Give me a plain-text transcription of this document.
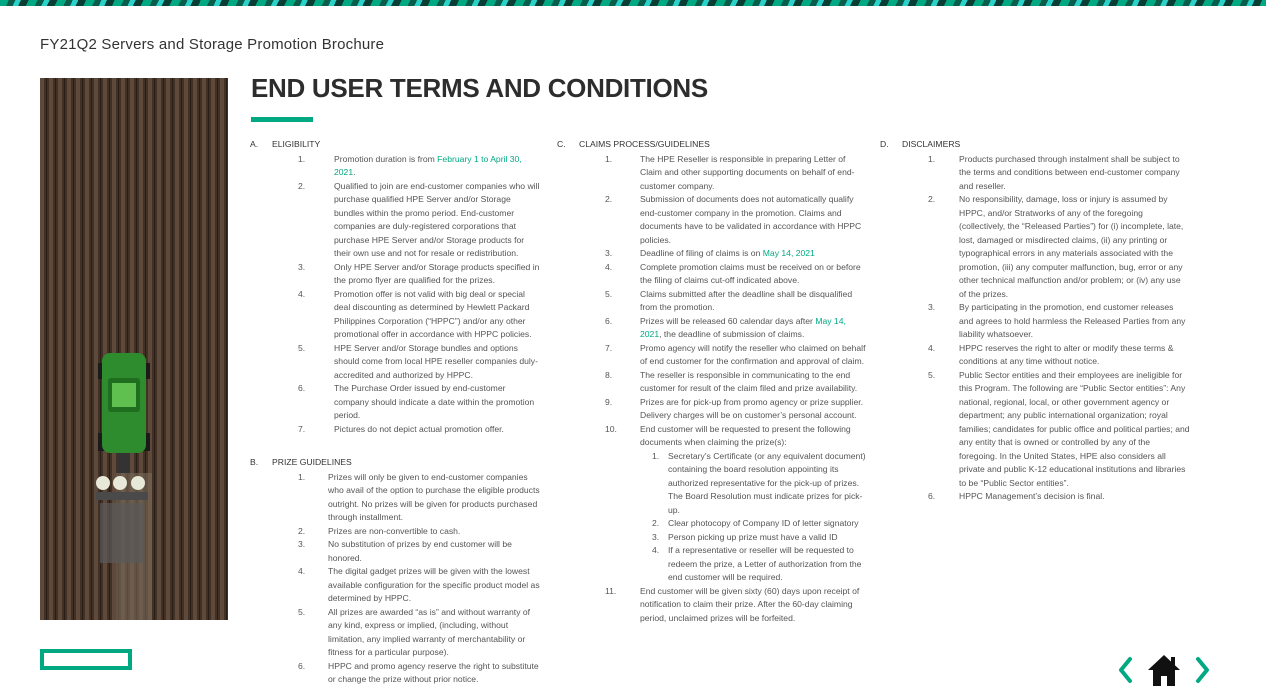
FY21Q2 Servers and Storage Promotion Brochure
END USER TERMS AND CONDITIONS
A.	ELIGIBILITY
1.	Promotion duration is from February 1 to April 30, 2021.
2.	Qualified to join are end-customer companies who will purchase qualified HPE Server and/or Storage bundles within the promo period. End-customer companies are duly-registered corporations that purchase HPE Server and/or Storage products for their own use and not for resale or redistribution.
3.	Only HPE Server and/or Storage products specified in the promo flyer are qualified for the prizes.
4.	Promotion offer is not valid with big deal or special deal discounting as determined by Hewlett Packard Philippines Corporation (“HPPC”) and/or any other promotional offer in accordance with HPPC policies.
5.	HPE Server and/or Storage bundles and options should come from local HPE reseller companies duly-accredited and authorized by HPPC.
6.	The Purchase Order issued by end-customer company should indicate a date within the promotion period.
7.	Pictures do not depict actual promotion offer.
B.	PRIZE GUIDELINES
1.	Prizes will only be given to end-customer companies who avail of the option to purchase the eligible products outright. No prizes will be given for products purchased through installment.
2.	Prizes are non-convertible to cash.
3.	No substitution of prizes by end customer will be honored.
4.	The digital gadget prizes will be given with the lowest available configuration for the specific product model as determined by HPPC.
5.	All prizes are awarded “as is” and without warranty of any kind, express or implied, (including, without limitation, any implied warranty of merchantability or fitness for a particular purpose).
6.	HPPC and promo agency reserve the right to substitute or change the prize without prior notice.
C.	CLAIMS PROCESS/GUIDELINES
1.	The HPE Reseller is responsible in preparing Letter of Claim and other supporting documents on behalf of end-customer company.
2.	Submission of documents does not automatically qualify end-customer company in the promotion. Claims and documents have to be validated in accordance with HPPC policies.
3.	Deadline of filing of claims is on May 14, 2021
4.	Complete promotion claims must be received on or before the filing of claims cut-off indicated above.
5.	Claims submitted after the deadline shall be disqualified from the promotion.
6.	Prizes will be released 60 calendar days after May 14, 2021, the deadline of submission of claims.
7.	Promo agency will notify the reseller who claimed on behalf of end customer for the confirmation and approval of claim.
8.	The reseller is responsible in communicating to the end customer for result of the claim filed and prize availability.
9.	Prizes are for pick-up from promo agency or prize supplier. Delivery charges will be on customer’s personal account.
10.	End customer will be requested to present the following documents when claiming the prize(s):
1.	Secretary’s Certificate (or any equivalent document) containing the board resolution appointing its authorized representative for the pick-up of prizes. The Board Resolution must indicate prizes for pick-up.
2.	Clear photocopy of Company ID of letter signatory
3.	Person picking up prize must have a valid ID
4.	If a representative or reseller will be requested to redeem the prize, a Letter of authorization from the end customer will be required.
11.	End customer will be given sixty (60) days upon receipt of notification to claim their prize. After the 60-day claiming period, unclaimed prizes will be forfeited.
D.	DISCLAIMERS
1.	Products purchased through instalment shall be subject to the terms and conditions between end-customer company and reseller.
2.	No responsibility, damage, loss or injury is assumed by HPPC, and/or Stratworks of any of the foregoing (collectively, the “Released Parties”) for (i) incomplete, late, lost, damaged or misdirected claims, (ii) any printing or typographical errors in any materials associated with the promotion, (iii) any computer malfunction, bug, error or any other technical malfunction and/or problem; or (iv) any use of the prizes.
3.	By participating in the promotion, end customer releases and agrees to hold harmless the Released Parties from any liability whatsoever.
4.	HPPC reserves the right to alter or modify these terms & conditions at any time without notice.
5.	Public Sector entities and their employees are ineligible for this Program. The following are “Public Sector entities”: Any national, regional, local, or other government agency or department; any public international organization; royal families; candidates for public office and political parties; and any entity that is owned or controlled by any of the foregoing. In the United States, HPE also considers all private and public K-12 educational institutions and libraries to be “Public Sector entities”.
6.	HPPC Management’s decision is final.
